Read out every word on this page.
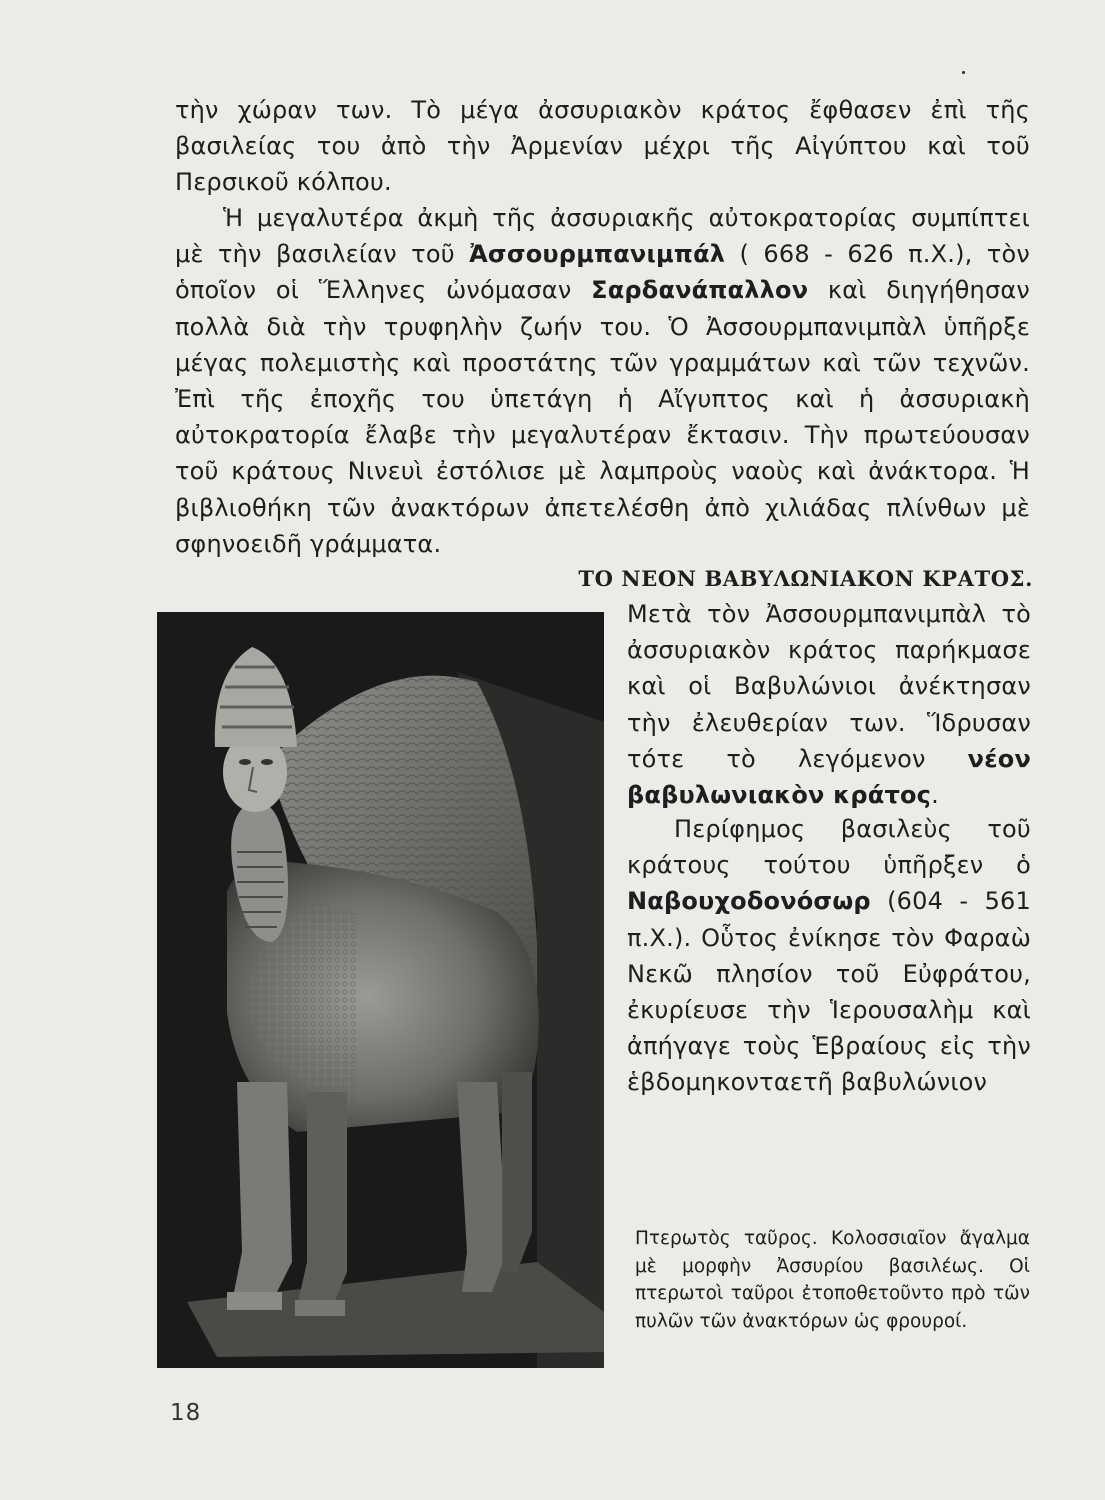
τὴν χώραν των. Τὸ μέγα ἀσσυριακὸν κράτος ἔφθασεν ἐπὶ τῆς βασιλείας του ἀπὸ τὴν Ἀρμενίαν μέχρι τῆς Αἰγύπτου καὶ τοῦ Περσικοῦ κόλπου.

Ἡ μεγαλυτέρα ἀκμὴ τῆς ἀσσυριακῆς αὐτοκρατορίας συμπίπτει μὲ τὴν βασιλείαν τοῦ Ἀσσουρμπανιμπάλ ( 668 - 626 π.Χ.), τὸν ὁποῖον οἱ Ἕλληνες ὠνόμασαν Σαρδανάπαλλον καὶ διηγήθησαν πολλὰ διὰ τὴν τρυφηλὴν ζωήν του. Ὁ Ἀσσουρμπανιμπὰλ ὑπῆρξε μέγας πολεμιστὴς καὶ προστάτης τῶν γραμμάτων καὶ τῶν τεχνῶν. Ἐπὶ τῆς ἐποχῆς του ὑπετάγη ἡ Αἴγυπτος καὶ ἡ ἀσσυριακὴ αὐτοκρατορία ἔλαβε τὴν μεγαλυτέραν ἔκτασιν. Τὴν πρωτεύουσαν τοῦ κράτους Νινευὶ ἐστόλισε μὲ λαμπροὺς ναοὺς καὶ ἀνάκτορα. Ἡ βιβλιοθήκη τῶν ἀνακτόρων ἀπετελέσθη ἀπὸ χιλιάδας πλίνθων μὲ σφηνοειδῆ γράμματα.

ΤΟ ΝΕΟΝ ΒΑΒΥΛΩΝΙΑΚΟΝ ΚΡΑΤΟΣ.

Μετὰ τὸν Ἀσσουρμπανιμπὰλ τὸ ἀσσυριακὸν κράτος παρήκμασε καὶ οἱ Βαβυλώνιοι ἀνέκτησαν τὴν ἐλευθερίαν των. Ἵδρυσαν τότε τὸ λεγόμενον νέον βαβυλωνιακὸν κράτος.

Περίφημος βασιλεὺς τοῦ κράτους τούτου ὑπῆρξεν ὁ Ναβουχοδονόσωρ (604 - 561 π.Χ.). Οὗτος ἐνίκησε τὸν Φαραὼ Νεκῶ πλησίον τοῦ Εὐφράτου, ἐκυρίευσε τὴν Ἱερουσαλὴμ καὶ ἀπήγαγε τοὺς Ἑβραίους εἰς τὴν ἑβδομηκονταετῆ βαβυλώνιον

Πτερωτὸς ταῦρος. Κολοσσιαῖον ἄγαλμα μὲ μορφὴν Ἀσσυρίου βασιλέως. Οἱ πτερωτοὶ ταῦροι ἐτοποθετοῦντο πρὸ τῶν πυλῶν τῶν ἀνακτόρων ὡς φρουροί.

18
